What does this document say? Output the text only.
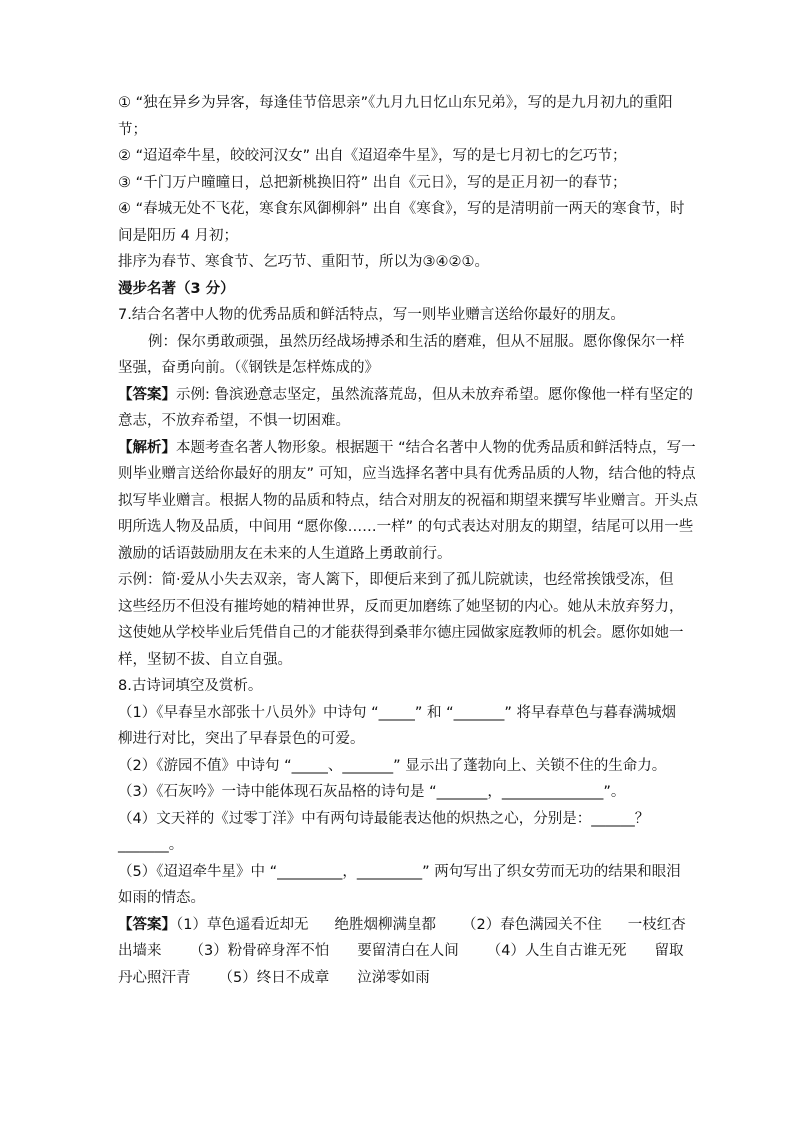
① “独在异乡为异客，每逢佳节倍思亲”《九月九日忆山东兄弟》，写的是九月初九的重阳
节；
② “迢迢牵牛星，皎皎河汉女” 出自《迢迢牵牛星》，写的是七月初七的乞巧节；
③ “千门万户曈曈日，总把新桃换旧符” 出自《元日》，写的是正月初一的春节；
④ “春城无处不飞花，寒食东风御柳斜” 出自《寒食》，写的是清明前一两天的寒食节，时
间是阳历 4 月初；
排序为春节、寒食节、乞巧节、重阳节，所以为③④②①。
漫步名著（3 分）
7.结合名著中人物的优秀品质和鲜活特点，写一则毕业赠言送给你最好的朋友。
例：保尔勇敢顽强，虽然历经战场搏杀和生活的磨难，但从不屈服。愿你像保尔一样
坚强，奋勇向前。（《钢铁是怎样炼成的》
【答案】示例: 鲁滨逊意志坚定，虽然流落荒岛，但从未放弃希望。愿你像他一样有坚定的
意志，不放弃希望，不惧一切困难。
【解析】本题考查名著人物形象。根据题干 “结合名著中人物的优秀品质和鲜活特点，写一
则毕业赠言送给你最好的朋友” 可知，应当选择名著中具有优秀品质的人物，结合他的特点
拟写毕业赠言。根据人物的品质和特点，结合对朋友的祝福和期望来撰写毕业赠言。开头点
明所选人物及品质，中间用 “愿你像……一样” 的句式表达对朋友的期望，结尾可以用一些
激励的话语鼓励朋友在未来的人生道路上勇敢前行。
示例：简·爱从小失去双亲，寄人篱下，即便后来到了孤儿院就读，也经常挨饿受冻，但
这些经历不但没有摧垮她的精神世界，反而更加磨练了她坚韧的内心。她从未放弃努力，
这使她从学校毕业后凭借自己的才能获得到桑菲尔德庄园做家庭教师的机会。愿你如她一
样，坚韧不拔、自立自强。
8.古诗词填空及赏析。
（1）《早春呈水部张十八员外》中诗句 “_____” 和 “_______” 将早春草色与暮春满城烟
柳进行对比，突出了早春景色的可爱。
（2）《游园不值》中诗句 “_____、_______” 显示出了蓬勃向上、关锁不住的生命力。
（3）《石灰吟》一诗中能体现石灰品格的诗句是 “_______，______________”。
（4）文天祥的《过零丁洋》中有两句诗最能表达他的炽热之心，分别是：______？
_______。
（5）《迢迢牵牛星》中 “_________，_________” 两句写出了织女劳而无功的结果和眼泪
如雨的情态。
【答案】（1）草色遥看近却无 绝胜烟柳满皇都 （2）春色满园关不住 一枝红杏
出墙来 （3）粉骨碎身浑不怕 要留清白在人间 （4）人生自古谁无死 留取
丹心照汗青 （5）终日不成章 泣涕零如雨
